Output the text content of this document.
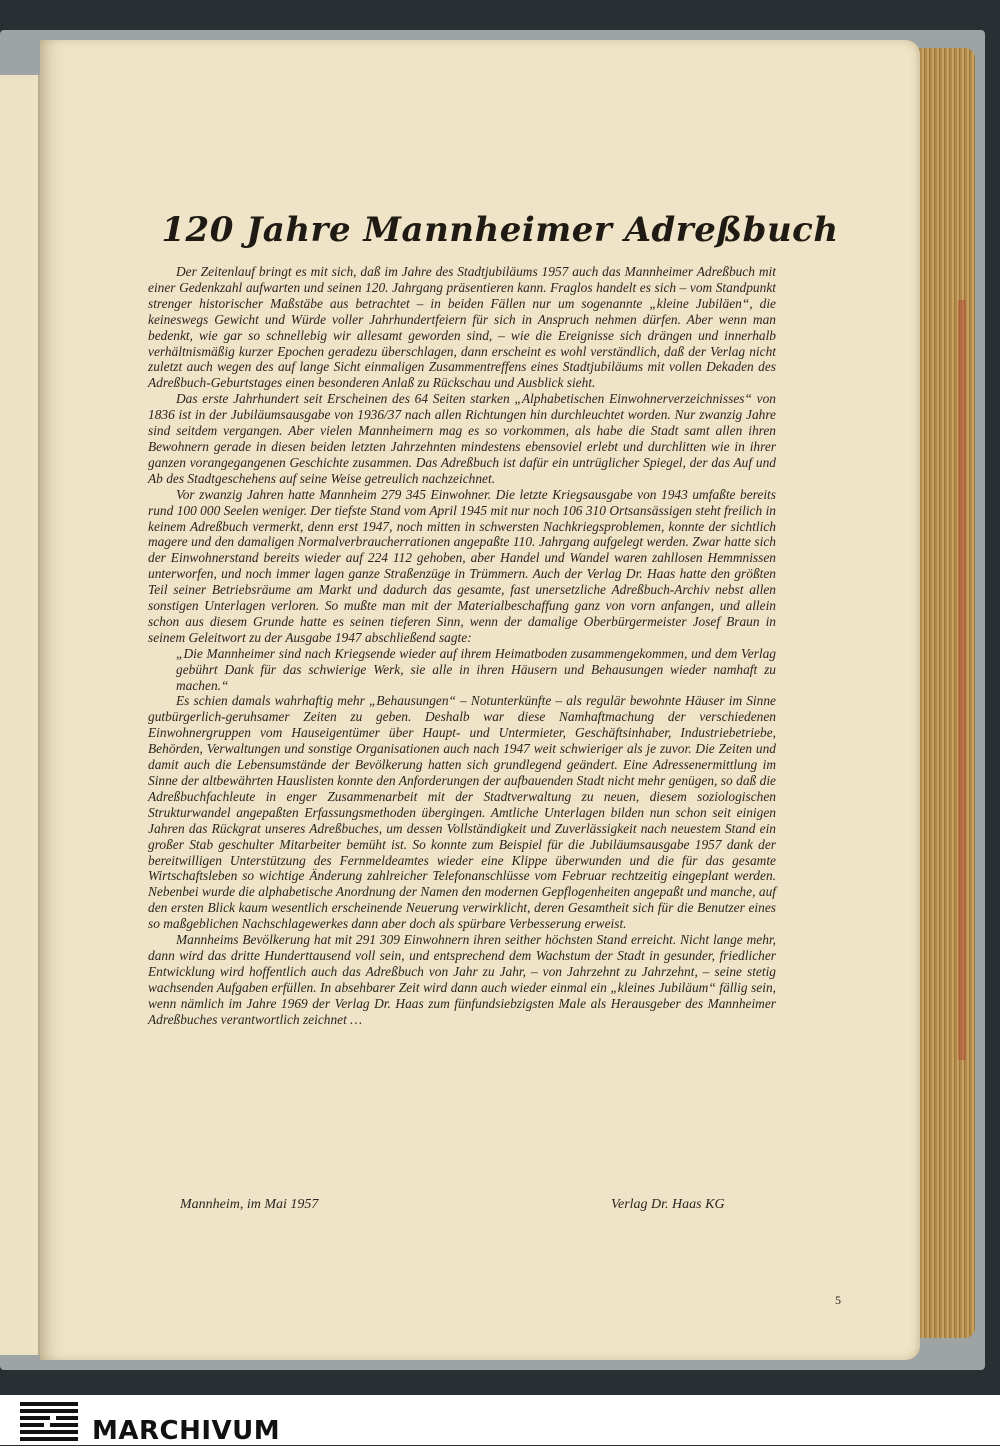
120 Jahre Mannheimer Adreßbuch

Der Zeitenlauf bringt es mit sich, daß im Jahre des Stadtjubiläums 1957 auch das Mannheimer Adreßbuch mit einer Gedenkzahl aufwarten und seinen 120. Jahrgang präsentieren kann. Fraglos handelt es sich – vom Standpunkt strenger historischer Maßstäbe aus betrachtet – in beiden Fällen nur um sogenannte „kleine Jubiläen“, die keineswegs Gewicht und Würde voller Jahrhundertfeiern für sich in Anspruch nehmen dürfen. Aber wenn man bedenkt, wie gar so schnellebig wir allesamt geworden sind, – wie die Ereignisse sich drängen und innerhalb verhältnismäßig kurzer Epochen geradezu überschlagen, dann erscheint es wohl verständlich, daß der Verlag nicht zuletzt auch wegen des auf lange Sicht einmaligen Zusammentreffens eines Stadtjubiläums mit vollen Dekaden des Adreßbuch-Geburtstages einen besonderen Anlaß zu Rückschau und Ausblick sieht.

Das erste Jahrhundert seit Erscheinen des 64 Seiten starken „Alphabetischen Einwohnerverzeichnisses“ von 1836 ist in der Jubiläumsausgabe von 1936/37 nach allen Richtungen hin durchleuchtet worden. Nur zwanzig Jahre sind seitdem vergangen. Aber vielen Mannheimern mag es so vorkommen, als habe die Stadt samt allen ihren Bewohnern gerade in diesen beiden letzten Jahrzehnten mindestens ebensoviel erlebt und durchlitten wie in ihrer ganzen vorangegangenen Geschichte zusammen. Das Adreßbuch ist dafür ein untrüglicher Spiegel, der das Auf und Ab des Stadtgeschehens auf seine Weise getreulich nachzeichnet.

Vor zwanzig Jahren hatte Mannheim 279 345 Einwohner. Die letzte Kriegsausgabe von 1943 umfaßte bereits rund 100 000 Seelen weniger. Der tiefste Stand vom April 1945 mit nur noch 106 310 Ortsansässigen steht freilich in keinem Adreßbuch vermerkt, denn erst 1947, noch mitten in schwersten Nachkriegsproblemen, konnte der sichtlich magere und den damaligen Normalverbraucherrationen angepaßte 110. Jahrgang aufgelegt werden. Zwar hatte sich der Einwohnerstand bereits wieder auf 224 112 gehoben, aber Handel und Wandel waren zahllosen Hemmnissen unterworfen, und noch immer lagen ganze Straßenzüge in Trümmern. Auch der Verlag Dr. Haas hatte den größten Teil seiner Betriebsräume am Markt und dadurch das gesamte, fast unersetzliche Adreßbuch-Archiv nebst allen sonstigen Unterlagen verloren. So mußte man mit der Materialbeschaffung ganz von vorn anfangen, und allein schon aus diesem Grunde hatte es seinen tieferen Sinn, wenn der damalige Oberbürgermeister Josef Braun in seinem Geleitwort zu der Ausgabe 1947 abschließend sagte:

„Die Mannheimer sind nach Kriegsende wieder auf ihrem Heimatboden zusammengekommen, und dem Verlag gebührt Dank für das schwierige Werk, sie alle in ihren Häusern und Behausungen wieder namhaft zu machen.“

Es schien damals wahrhaftig mehr „Behausungen“ – Notunterkünfte – als regulär bewohnte Häuser im Sinne gutbürgerlich-geruhsamer Zeiten zu geben. Deshalb war diese Namhaftmachung der verschiedenen Einwohnergruppen vom Hauseigentümer über Haupt- und Untermieter, Geschäftsinhaber, Industriebetriebe, Behörden, Verwaltungen und sonstige Organisationen auch nach 1947 weit schwieriger als je zuvor. Die Zeiten und damit auch die Lebensumstände der Bevölkerung hatten sich grundlegend geändert. Eine Adressenermittlung im Sinne der altbewährten Hauslisten konnte den Anforderungen der aufbauenden Stadt nicht mehr genügen, so daß die Adreßbuchfachleute in enger Zusammenarbeit mit der Stadtverwaltung zu neuen, diesem soziologischen Strukturwandel angepaßten Erfassungsmethoden übergingen. Amtliche Unterlagen bilden nun schon seit einigen Jahren das Rückgrat unseres Adreßbuches, um dessen Vollständigkeit und Zuverlässigkeit nach neuestem Stand ein großer Stab geschulter Mitarbeiter bemüht ist. So konnte zum Beispiel für die Jubiläumsausgabe 1957 dank der bereitwilligen Unterstützung des Fernmeldeamtes wieder eine Klippe überwunden und die für das gesamte Wirtschaftsleben so wichtige Änderung zahlreicher Telefonanschlüsse vom Februar rechtzeitig eingeplant werden. Nebenbei wurde die alphabetische Anordnung der Namen den modernen Gepflogenheiten angepaßt und manche, auf den ersten Blick kaum wesentlich erscheinende Neuerung verwirklicht, deren Gesamtheit sich für die Benutzer eines so maßgeblichen Nachschlagewerkes dann aber doch als spürbare Verbesserung erweist.

Mannheims Bevölkerung hat mit 291 309 Einwohnern ihren seither höchsten Stand erreicht. Nicht lange mehr, dann wird das dritte Hunderttausend voll sein, und entsprechend dem Wachstum der Stadt in gesunder, friedlicher Entwicklung wird hoffentlich auch das Adreßbuch von Jahr zu Jahr, – von Jahrzehnt zu Jahrzehnt, – seine stetig wachsenden Aufgaben erfüllen. In absehbarer Zeit wird dann auch wieder einmal ein „kleines Jubiläum“ fällig sein, wenn nämlich im Jahre 1969 der Verlag Dr. Haas zum fünfundsiebzigsten Male als Herausgeber des Mannheimer Adreßbuches verantwortlich zeichnet …

Mannheim, im Mai 1957	Verlag Dr. Haas KG
5
MARCHIVUM
